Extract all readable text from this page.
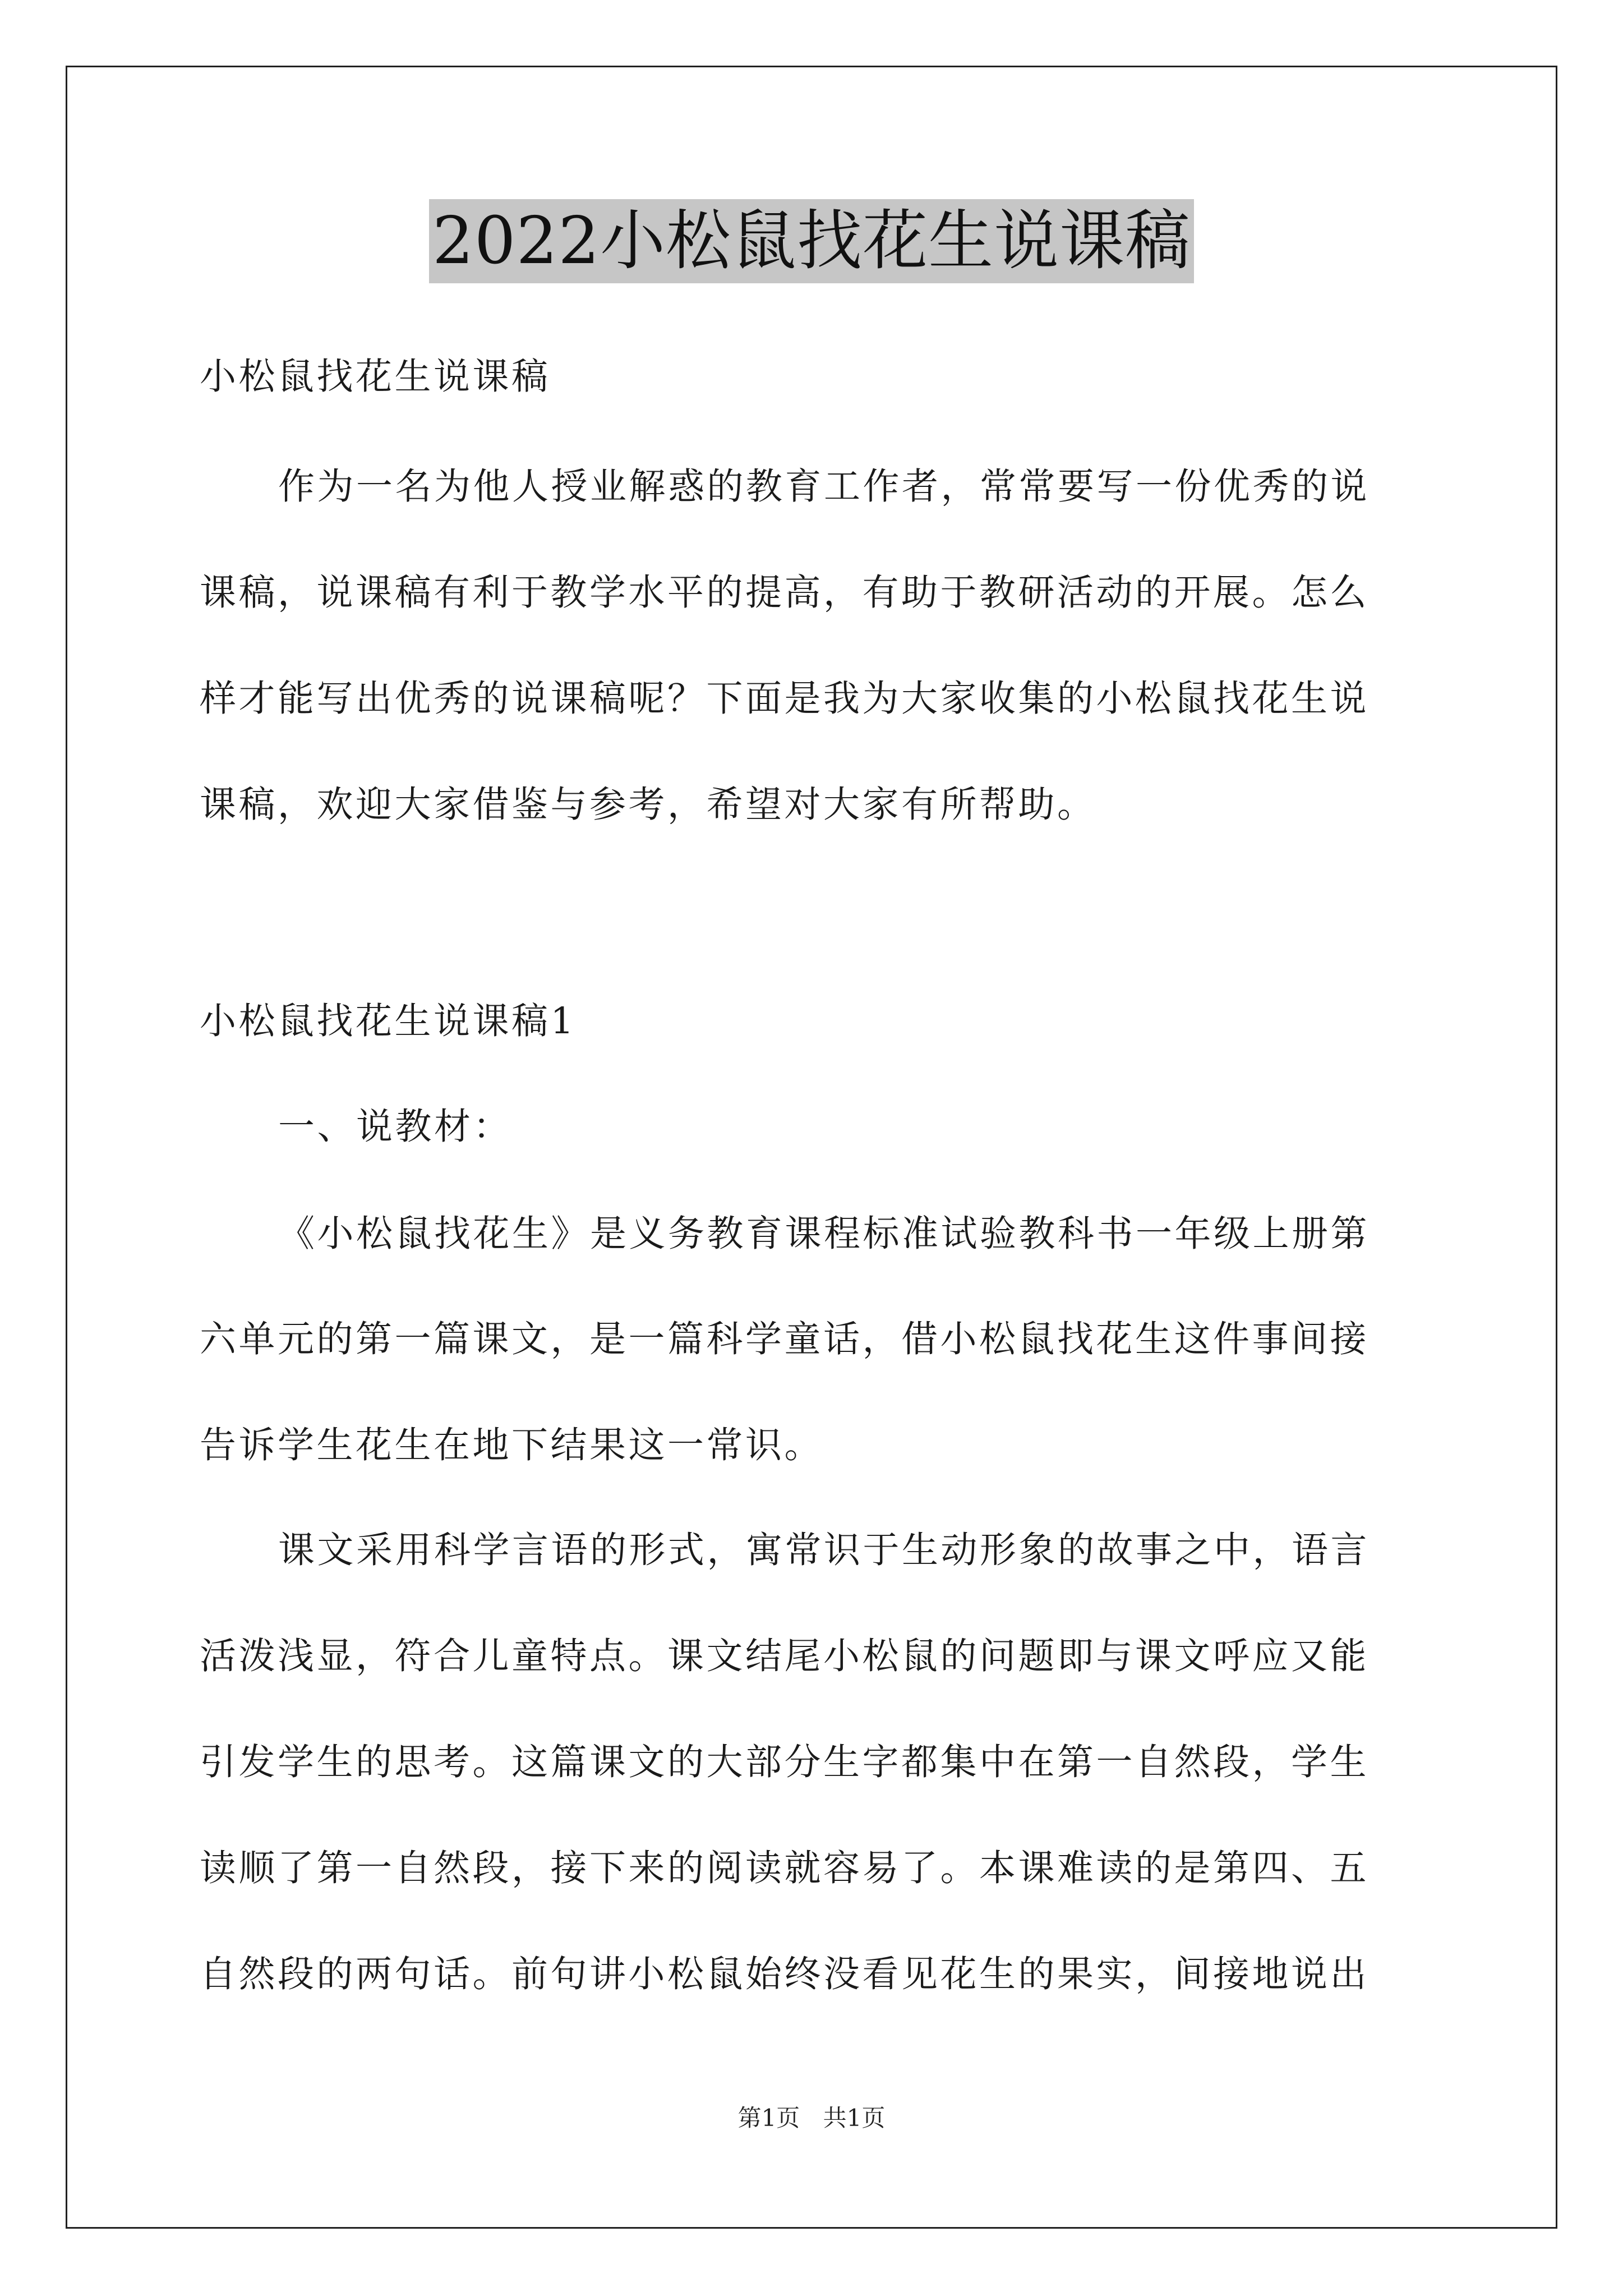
2022小松鼠找花生说课稿
小松鼠找花生说课稿
作为一名为他人授业解惑的教育工作者，常常要写一份优秀的说
课稿，说课稿有利于教学水平的提高，有助于教研活动的开展。怎么
样才能写出优秀的说课稿呢？下面是我为大家收集的小松鼠找花生说
课稿，欢迎大家借鉴与参考，希望对大家有所帮助。
小松鼠找花生说课稿1
一、说教材：
《小松鼠找花生》是义务教育课程标准试验教科书一年级上册第
六单元的第一篇课文，是一篇科学童话，借小松鼠找花生这件事间接
告诉学生花生在地下结果这一常识。
课文采用科学言语的形式，寓常识于生动形象的故事之中，语言
活泼浅显，符合儿童特点。课文结尾小松鼠的问题即与课文呼应又能
引发学生的思考。这篇课文的大部分生字都集中在第一自然段，学生
读顺了第一自然段，接下来的阅读就容易了。本课难读的是第四、五
自然段的两句话。前句讲小松鼠始终没看见花生的果实，间接地说出
第1页 共1页
